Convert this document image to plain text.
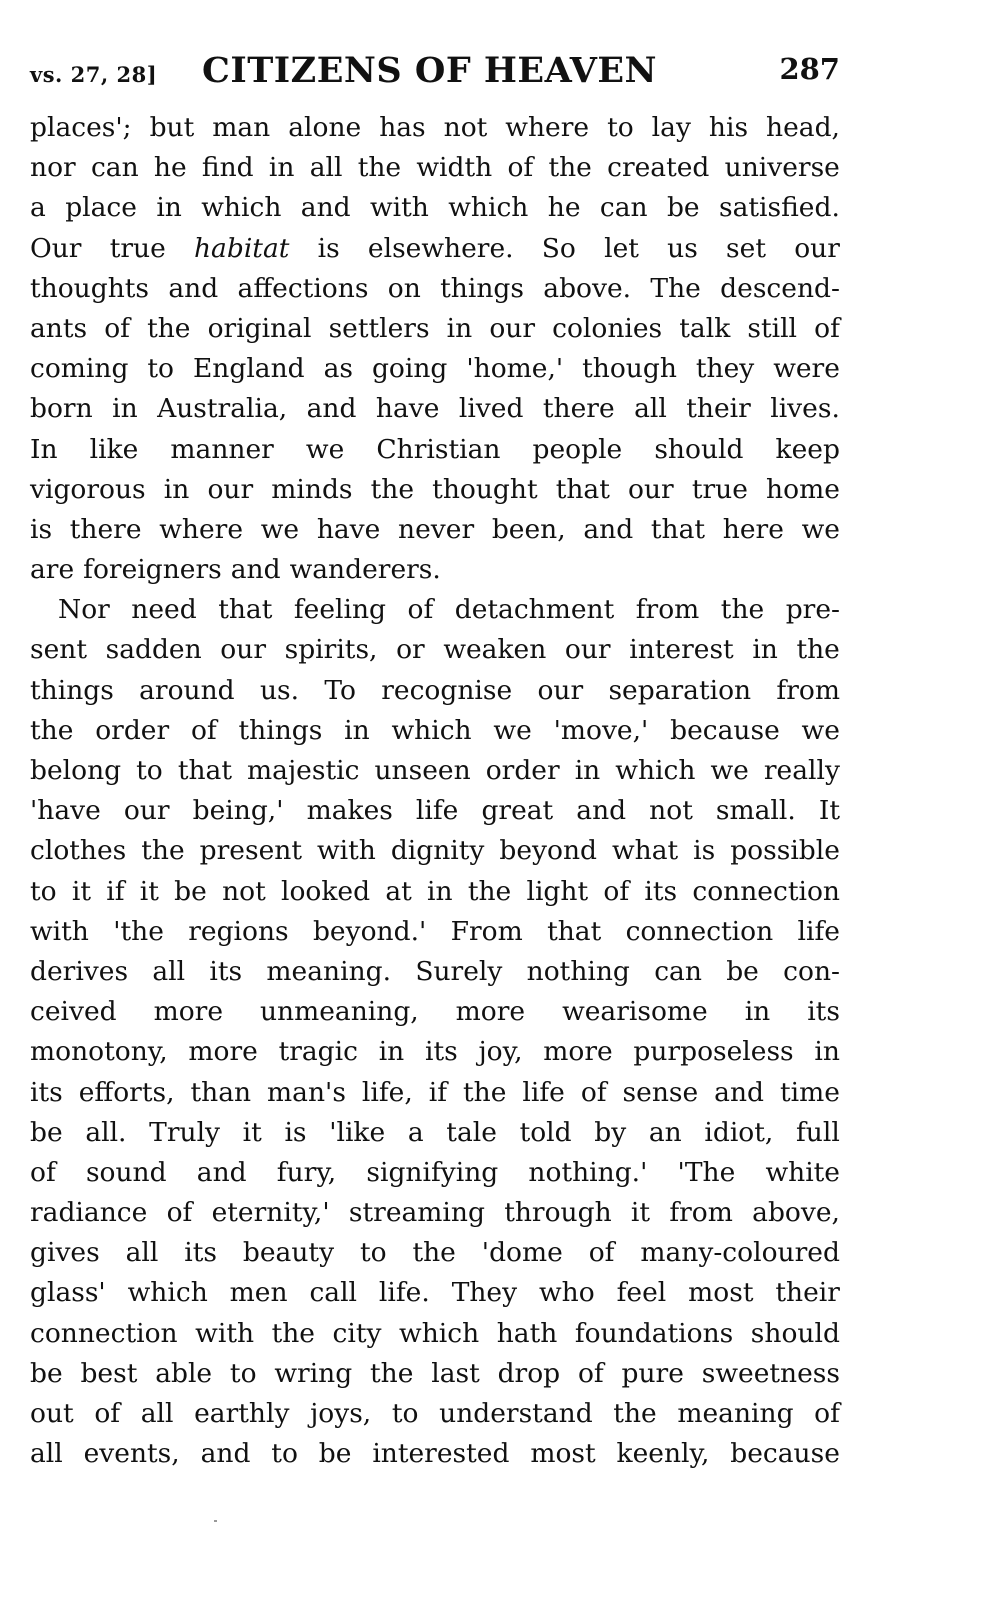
vs. 27, 28] CITIZENS OF HEAVEN	287
places'; but man alone has not where to lay his head,
nor can he find in all the width of the created universe
a place in which and with which he can be satisfied.
Our true habitat is elsewhere. So let us set our
thoughts and affections on things above. The descend-
ants of the original settlers in our colonies talk still of
coming to England as going 'home,' though they were
born in Australia, and have lived there all their lives.
In like manner we Christian people should keep
vigorous in our minds the thought that our true home
is there where we have never been, and that here we
are foreigners and wanderers.
Nor need that feeling of detachment from the pre-
sent sadden our spirits, or weaken our interest in the
things around us. To recognise our separation from
the order of things in which we 'move,' because we
belong to that majestic unseen order in which we really
'have our being,' makes life great and not small. It
clothes the present with dignity beyond what is possible
to it if it be not looked at in the light of its connection
with 'the regions beyond.' From that connection life
derives all its meaning. Surely nothing can be con-
ceived more unmeaning, more wearisome in its
monotony, more tragic in its joy, more purposeless in
its efforts, than man's life, if the life of sense and time
be all. Truly it is 'like a tale told by an idiot, full
of sound and fury, signifying nothing.' 'The white
radiance of eternity,' streaming through it from above,
gives all its beauty to the 'dome of many-coloured
glass' which men call life. They who feel most their
connection with the city which hath foundations should
be best able to wring the last drop of pure sweetness
out of all earthly joys, to understand the meaning of
all events, and to be interested most keenly, because
